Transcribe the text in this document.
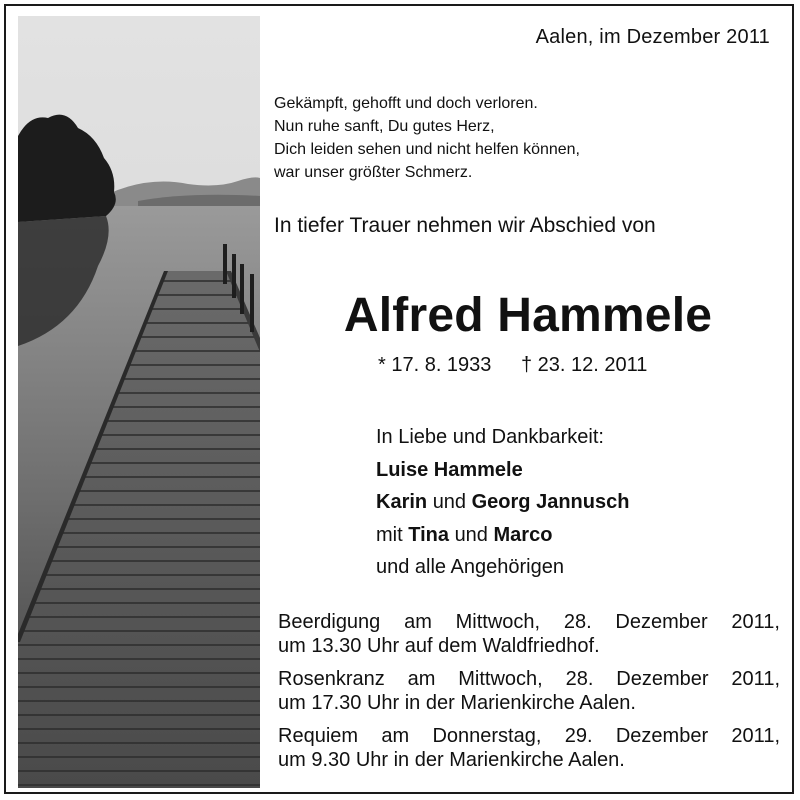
Aalen, im Dezember 2011
Gekämpft, gehofft und doch verloren.
Nun ruhe sanft, Du gutes Herz,
Dich leiden sehen und nicht helfen können,
war unser größter Schmerz.
In tiefer Trauer nehmen wir Abschied von
Alfred Hammele
* 17. 8. 1933 † 23. 12. 2011
In Liebe und Dankbarkeit:
Luise Hammele
Karin und Georg Jannusch
mit Tina und Marco
und alle Angehörigen
Beerdigung am Mittwoch, 28. Dezember 2011,
um 13.30 Uhr auf dem Waldfriedhof.
Rosenkranz am Mittwoch, 28. Dezember 2011,
um 17.30 Uhr in der Marienkirche Aalen.
Requiem am Donnerstag, 29. Dezember 2011,
um 9.30 Uhr in der Marienkirche Aalen.
